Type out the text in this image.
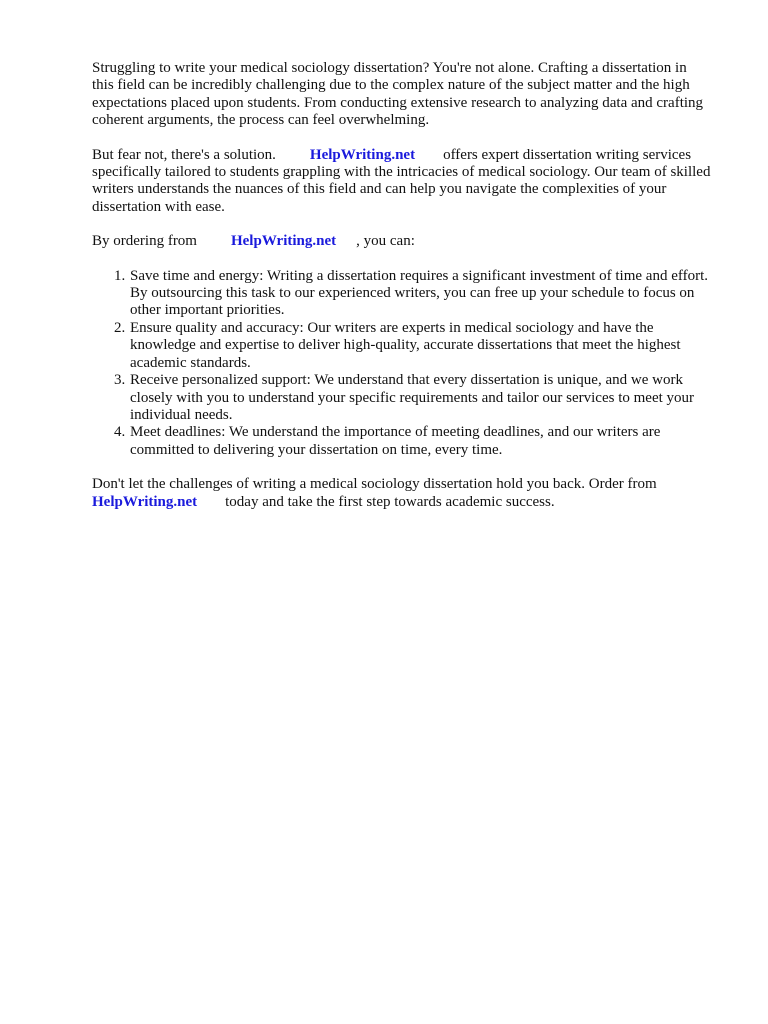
Struggling to write your medical sociology dissertation? You're not alone. Crafting a dissertation in this field can be incredibly challenging due to the complex nature of the subject matter and the high expectations placed upon students. From conducting extensive research to analyzing data and crafting coherent arguments, the process can feel overwhelming.

But fear not, there's a solution. HelpWriting.net offers expert dissertation writing services specifically tailored to students grappling with the intricacies of medical sociology. Our team of skilled writers understands the nuances of this field and can help you navigate the complexities of your dissertation with ease.

By ordering from HelpWriting.net , you can:

1. Save time and energy: Writing a dissertation requires a significant investment of time and effort. By outsourcing this task to our experienced writers, you can free up your schedule to focus on other important priorities.
2. Ensure quality and accuracy: Our writers are experts in medical sociology and have the knowledge and expertise to deliver high-quality, accurate dissertations that meet the highest academic standards.
3. Receive personalized support: We understand that every dissertation is unique, and we work closely with you to understand your specific requirements and tailor our services to meet your individual needs.
4. Meet deadlines: We understand the importance of meeting deadlines, and our writers are committed to delivering your dissertation on time, every time.

Don't let the challenges of writing a medical sociology dissertation hold you back. Order from HelpWriting.net today and take the first step towards academic success.
